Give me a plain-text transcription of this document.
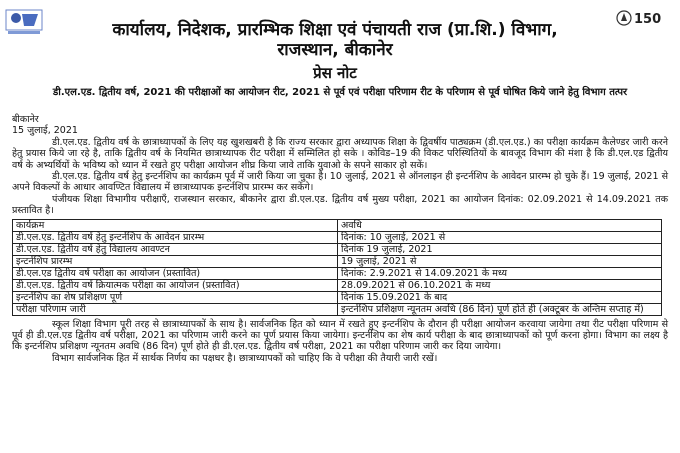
150
कार्यालय, निदेशक, प्रारम्भिक शिक्षा एवं पंचायती राज (प्रा.शि.) विभाग,
राजस्थान, बीकानेर
प्रेस नोट
डी.एल.एड. द्वितीय वर्ष, 2021 की परीक्षाओं का आयोजन रीट, 2021 से पूर्व एवं परीक्षा परिणाम रीट के परिणाम से पूर्व घोषित किये जाने हेतु विभाग तत्पर

बीकानेर

15 जुलाई, 2021

डी.एल.एड. द्वितीय वर्ष के छात्राध्यापकों के लिए यह खुशखबरी है कि राज्य सरकार द्वारा अध्यापक शिक्षा के द्विवर्षीय पाठ्यक्रम (डी.एल.एड.) का परीक्षा कार्यक्रम कैलेण्डर जारी करने हेतु प्रयास किये जा रहे है, ताकि द्वितीय वर्ष के नियमित छात्राध्यापक रीट परीक्षा में सम्मिलित हो सके । कोविड–19 की विकट परिस्थितियों के बावजूद विभाग की मंशा है कि डी.एल.एड द्वितीय वर्ष के अभ्यर्थियों के भविष्य को ध्यान में रखते हुए परीक्षा आयोजन शीघ्र किया जावे ताकि युवाओ के सपने साकार हो सकें।

डी.एल.एड. द्वितीय वर्ष हेतु इन्टर्नशिप का कार्यक्रम पूर्व में जारी किया जा चुका है। 10 जुलाई, 2021 से ऑनलाइन ही इन्टर्नशिप के आवेदन प्रारम्भ हो चुके हैं। 19 जुलाई, 2021 से अपने विकल्पों के आधार आवण्टित विद्यालय में छात्राध्यापक इन्टर्नशिप प्रारम्भ कर सकेंगे।

पंजीयक शिक्षा विभागीय परीक्षाएँ, राजस्थान सरकार, बीकानेर द्वारा डी.एल.एड. द्वितीय वर्ष मुख्य परीक्षा, 2021 का आयोजन दिनांक: 02.09.2021 से 14.09.2021 तक प्रस्तावित है।

कार्यक्रम	अवधि
डी.एल.एड. द्वितीय वर्ष हेतु इन्टर्नशिप के आवेदन प्रारम्भ	दिनांक: 10 जुलाई, 2021 से
डी.एल.एड. द्वितीय वर्ष हेतु विद्यालय आवण्टन	दिनांक 19 जुलाई, 2021
इन्टर्नशिप प्रारम्भ	19 जुलाई, 2021 से
डी.एल.एड द्वितीय वर्ष परीक्षा का आयोजन (प्रस्तावित)	दिनांक: 2.9.2021 से 14.09.2021 के मध्य
डी.एल.एड. द्वितीय वर्ष क्रियात्मक परीक्षा का आयोजन (प्रस्तावित)	28.09.2021 से 06.10.2021 के मध्य
इन्टर्नशिप का शेष प्रशिक्षण पूर्ण	दिनांक 15.09.2021 के बाद
परीक्षा परिणाम जारी	इन्टर्नशिप प्रशिक्षण न्यूनतम अवधि (86 दिन) पूर्ण होते ही (अक्टूबर के अन्तिम सप्ताह में)

स्कूल शिक्षा विभाग पूरी तरह से छात्राध्यापकों के साथ है। सार्वजनिक हित को ध्यान में रखते हुए इन्टर्नशिप के दौरान ही परीक्षा आयोजन करवाया जायेगा तथा रीट परीक्षा परिणाम से पूर्व ही डी.एल.एड द्वितीय वर्ष परीक्षा, 2021 का परिणाम जारी करने का पूर्ण प्रयास किया जायेगा। इन्टर्नशिप का शेष कार्य परीक्षा के बाद छात्राध्यापकों को पूर्ण करना होगा। विभाग का लक्ष्य है कि इन्टर्नशिप प्रशिक्षण न्यूनतम अवधि (86 दिन) पूर्ण होते ही डी.एल.एड. द्वितीय वर्ष परीक्षा, 2021 का परीक्षा परिणाम जारी कर दिया जायेगा।

विभाग सार्वजनिक हित में सार्थक निर्णय का पक्षधर है। छात्राध्यापकों को चाहिए कि वे परीक्षा की तैयारी जारी रखें।
